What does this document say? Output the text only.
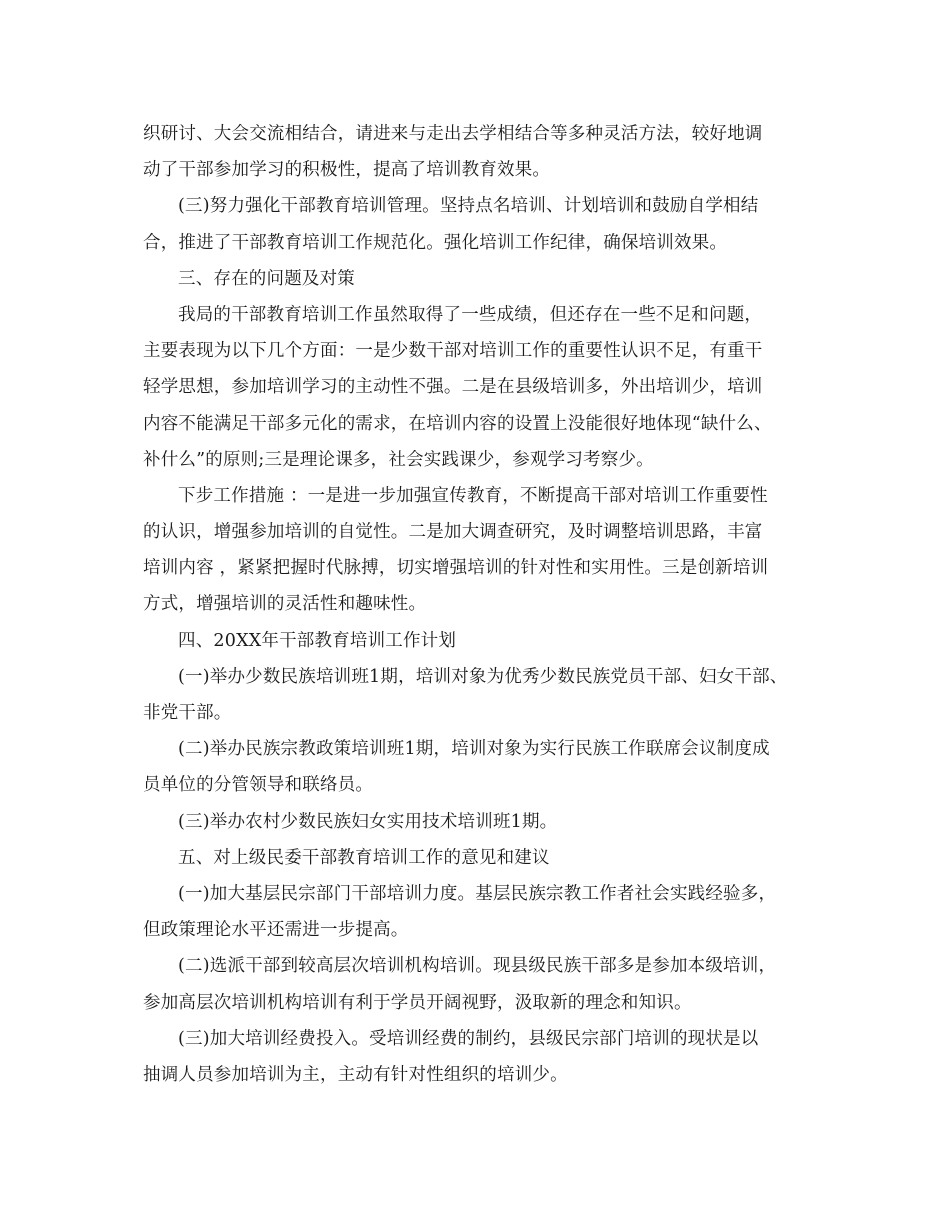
织研讨、大会交流相结合，请进来与走出去学相结合等多种灵活方法，较好地调
动了干部参加学习的积极性，提高了培训教育效果。
(三)努力强化干部教育培训管理。坚持点名培训、计划培训和鼓励自学相结
合，推进了干部教育培训工作规范化。强化培训工作纪律，确保培训效果。
三、存在的问题及对策
我局的干部教育培训工作虽然取得了一些成绩，但还存在一些不足和问题，
主要表现为以下几个方面：一是少数干部对培训工作的重要性认识不足，有重干
轻学思想，参加培训学习的主动性不强。二是在县级培训多，外出培训少，培训
内容不能满足干部多元化的需求，在培训内容的设置上没能很好地体现“缺什么、
补什么”的原则;三是理论课多，社会实践课少，参观学习考察少。
下步工作措施 ：一是进一步加强宣传教育，不断提高干部对培训工作重要性
的认识，增强参加培训的自觉性。二是加大调查研究，及时调整培训思路，丰富
培训内容 ，紧紧把握时代脉搏，切实增强培训的针对性和实用性。三是创新培训
方式，增强培训的灵活性和趣味性。
四、20XX年干部教育培训工作计划
(一)举办少数民族培训班1期，培训对象为优秀少数民族党员干部、妇女干部、
非党干部。
(二)举办民族宗教政策培训班1期，培训对象为实行民族工作联席会议制度成
员单位的分管领导和联络员。
(三)举办农村少数民族妇女实用技术培训班1期。
五、对上级民委干部教育培训工作的意见和建议
(一)加大基层民宗部门干部培训力度。基层民族宗教工作者社会实践经验多，
但政策理论水平还需进一步提高。
(二)选派干部到较高层次培训机构培训。现县级民族干部多是参加本级培训，
参加高层次培训机构培训有利于学员开阔视野，汲取新的理念和知识。
(三)加大培训经费投入。受培训经费的制约，县级民宗部门培训的现状是以
抽调人员参加培训为主，主动有针对性组织的培训少。
